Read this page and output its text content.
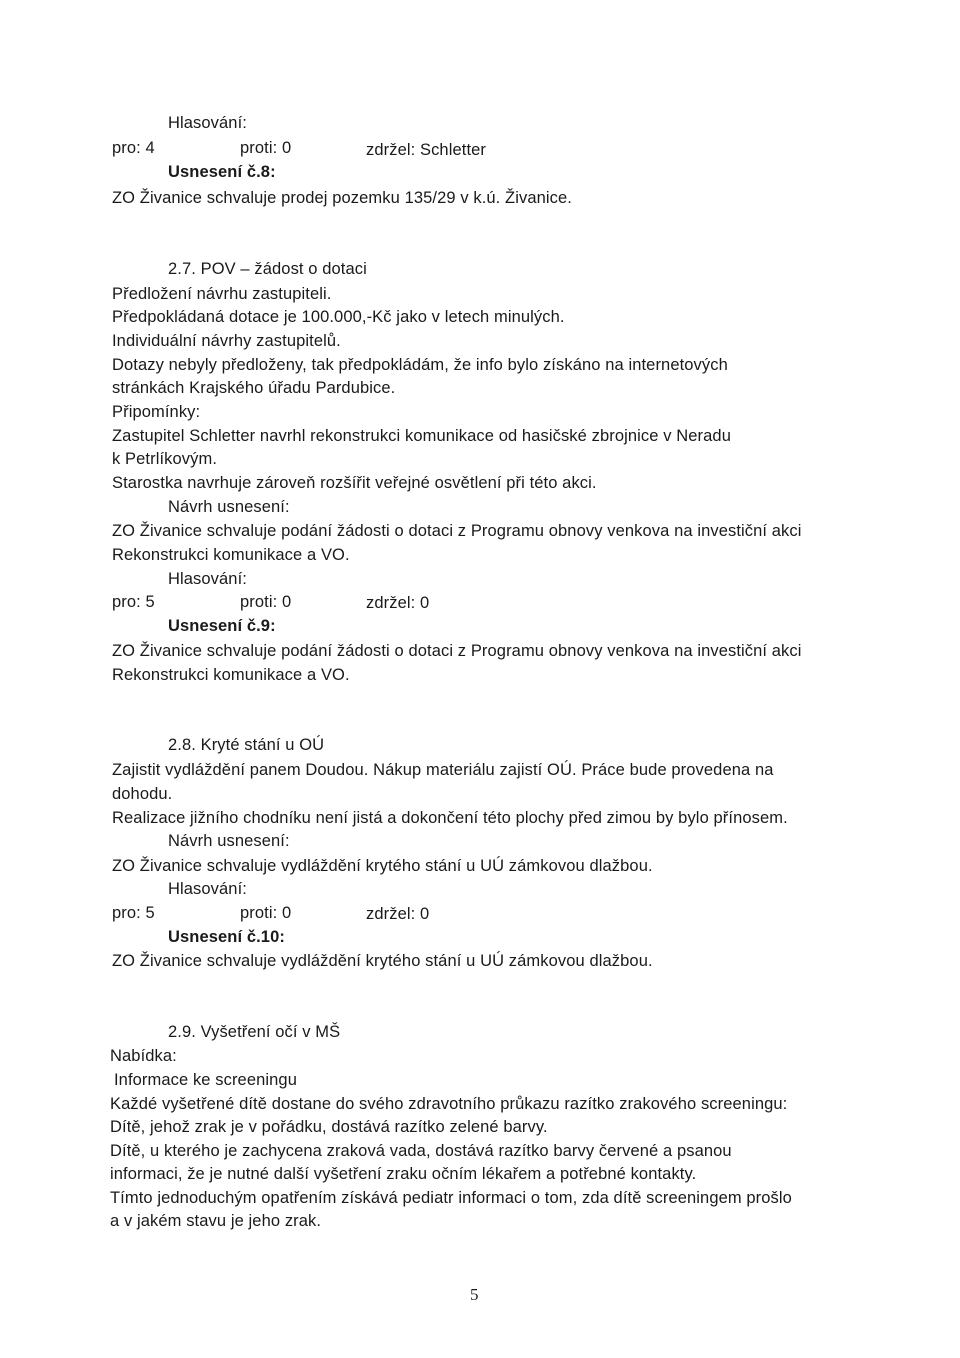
Hlasování:
pro: 4	proti: 0	zdržel: Schletter
Usnesení č.8:
ZO Živanice schvaluje prodej pozemku 135/29 v k.ú. Živanice.
2.7. POV – žádost o dotaci
Předložení návrhu zastupiteli.
Předpokládaná dotace je 100.000,-Kč jako v letech minulých.
Individuální návrhy zastupitelů.
Dotazy nebyly předloženy, tak předpokládám, že info bylo získáno na internetových
stránkách Krajského úřadu Pardubice.
Připomínky:
Zastupitel Schletter navrhl rekonstrukci komunikace od hasičské zbrojnice v Neradu
k Petrlíkovým.
Starostka navrhuje zároveň rozšířit veřejné osvětlení při této akci.
Návrh usnesení:
ZO Živanice schvaluje podání žádosti o dotaci z Programu obnovy venkova na investiční akci
Rekonstrukci komunikace a VO.
Hlasování:
pro: 5	proti: 0	zdržel: 0
Usnesení č.9:
ZO Živanice schvaluje podání žádosti o dotaci z Programu obnovy venkova na investiční akci
Rekonstrukci komunikace a VO.
2.8. Kryté stání u OÚ
Zajistit vydláždění panem Doudou. Nákup materiálu zajistí OÚ. Práce bude provedena na
dohodu.
Realizace jižního chodníku není jistá a dokončení této plochy před zimou by bylo přínosem.
Návrh usnesení:
ZO Živanice schvaluje vydláždění krytého stání u UÚ zámkovou dlažbou.
Hlasování:
pro: 5	proti: 0	zdržel: 0
Usnesení č.10:
ZO Živanice schvaluje vydláždění krytého stání u UÚ zámkovou dlažbou.
2.9. Vyšetření očí v MŠ
Nabídka:
Informace ke screeningu
Každé vyšetřené dítě dostane do svého zdravotního průkazu razítko zrakového screeningu:
Dítě, jehož zrak je v pořádku, dostává razítko zelené barvy.
Dítě, u kterého je zachycena zraková vada, dostává razítko barvy červené a psanou
informaci, že je nutné další vyšetření zraku očním lékařem a potřebné kontakty.
Tímto jednoduchým opatřením získává pediatr informaci o tom, zda dítě screeningem prošlo
a v jakém stavu je jeho zrak.
5
